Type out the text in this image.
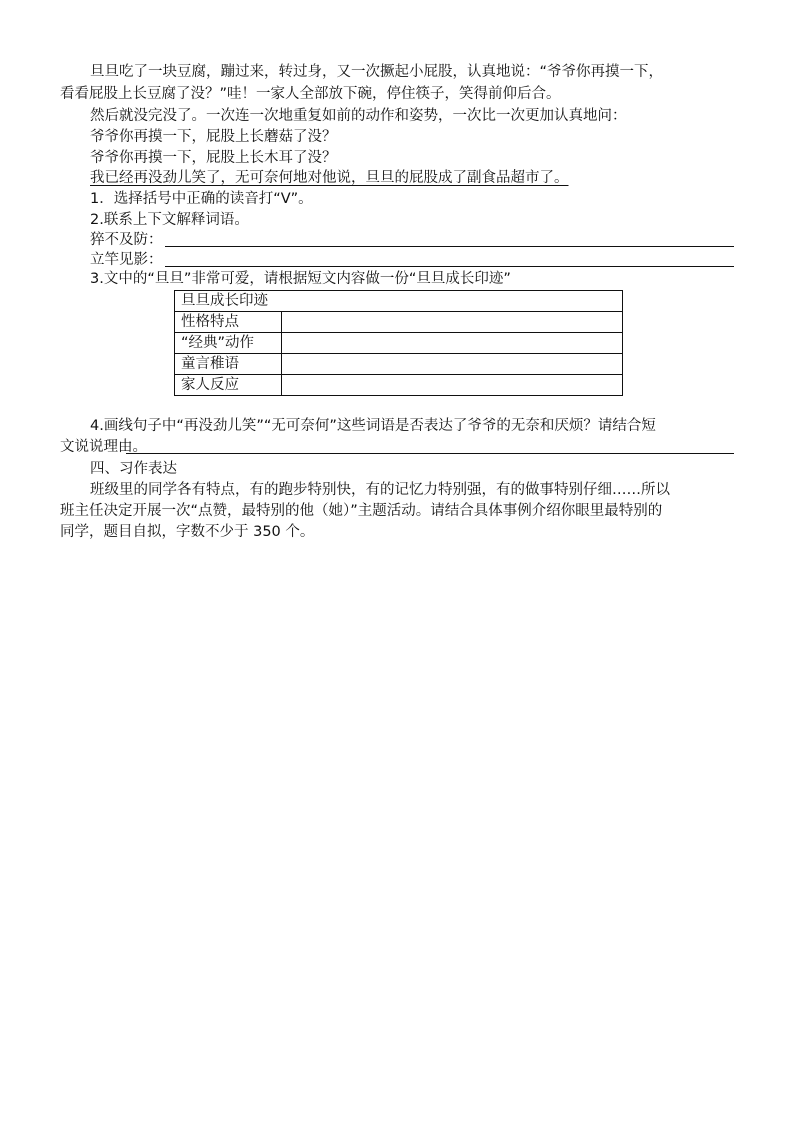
旦旦吃了一块豆腐，蹦过来，转过身，又一次撅起小屁股，认真地说：“爷爷你再摸一下，
看看屁股上长豆腐了没？”哇！一家人全部放下碗，停住筷子，笑得前仰后合。
然后就没完没了。一次连一次地重复如前的动作和姿势，一次比一次更加认真地问：
爷爷你再摸一下，屁股上长蘑菇了没？
爷爷你再摸一下，屁股上长木耳了没？
我已经再没劲儿笑了，无可奈何地对他说，旦旦的屁股成了副食品超市了。
1．选择括号中正确的读音打“V”。
2.联系上下文解释词语。
猝不及防：
立竿见影：
3.文中的“旦旦”非常可爱，请根据短文内容做一份“旦旦成长印迹”
旦旦成长印迹	
性格特点	
“经典”动作	
童言稚语	
家人反应	
4.画线句子中“再没劲儿笑”“无可奈何”这些词语是否表达了爷爷的无奈和厌烦？请结合短
文说说理由。
四、习作表达
班级里的同学各有特点，有的跑步特别快，有的记忆力特别强，有的做事特别仔细……所以
班主任决定开展一次“点赞，最特别的他（她）”主题活动。请结合具体事例介绍你眼里最特别的
同学，题目自拟，字数不少于 350 个。
